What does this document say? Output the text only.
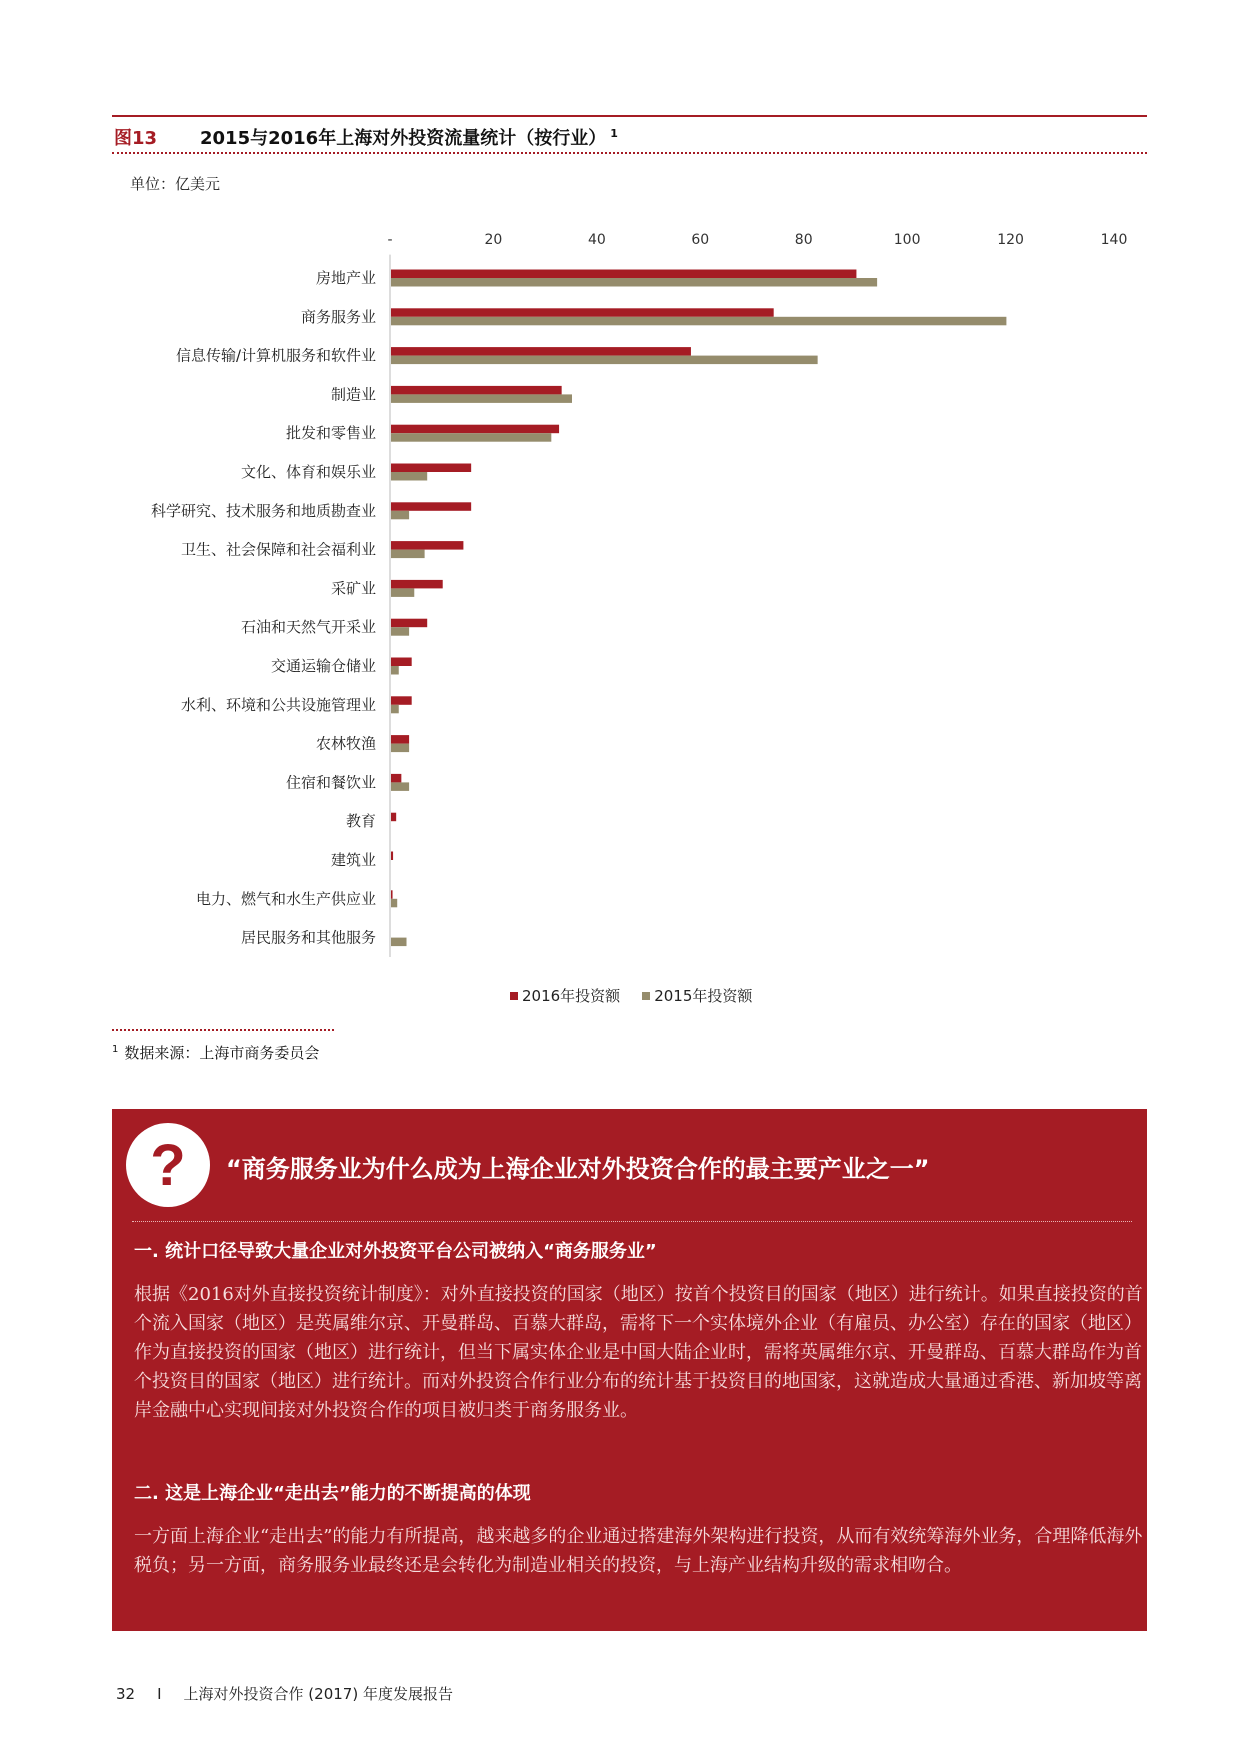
图13 2015与2016年上海对外投资流量统计（按行业） $^1$
单位：亿美元
-	20	40	60	80	100	120	140
房地产业
商务服务业
信息传输/计算机服务和软件业
制造业
批发和零售业
文化、体育和娱乐业
科学研究、技术服务和地质勘查业
卫生、社会保障和社会福利业
采矿业
石油和天然气开采业
交通运输仓储业
水利、环境和公共设施管理业
农林牧渔
住宿和餐饮业
教育
建筑业
电力、燃气和水生产供应业
居民服务和其他服务
2016年投资额 2015年投资额
$^1$ 数据来源：上海市商务委员会
?	“商务服务业为什么成为上海企业对外投资合作的最主要产业之一”
一. 统计口径导致大量企业对外投资平台公司被纳入“商务服务业”
根据《2016对外直接投资统计制度》：对外直接投资的国家（地区）按首个投资目的国家（地区）进行统计。如果直接投资的首个流入国家（地区）是英属维尔京、开曼群岛、百慕大群岛，需将下一个实体境外企业（有雇员、办公室）存在的国家（地区）作为直接投资的国家（地区）进行统计，但当下属实体企业是中国大陆企业时，需将英属维尔京、开曼群岛、百慕大群岛作为首个投资目的国家（地区）进行统计。而对外投资合作行业分布的统计基于投资目的地国家，这就造成大量通过香港、新加坡等离岸金融中心实现间接对外投资合作的项目被归类于商务服务业。
二. 这是上海企业“走出去”能力的不断提高的体现
一方面上海企业“走出去”的能力有所提高，越来越多的企业通过搭建海外架构进行投资，从而有效统筹海外业务，合理降低海外税负；另一方面，商务服务业最终还是会转化为制造业相关的投资，与上海产业结构升级的需求相吻合。
32 I 上海对外投资合作 (2017) 年度发展报告
